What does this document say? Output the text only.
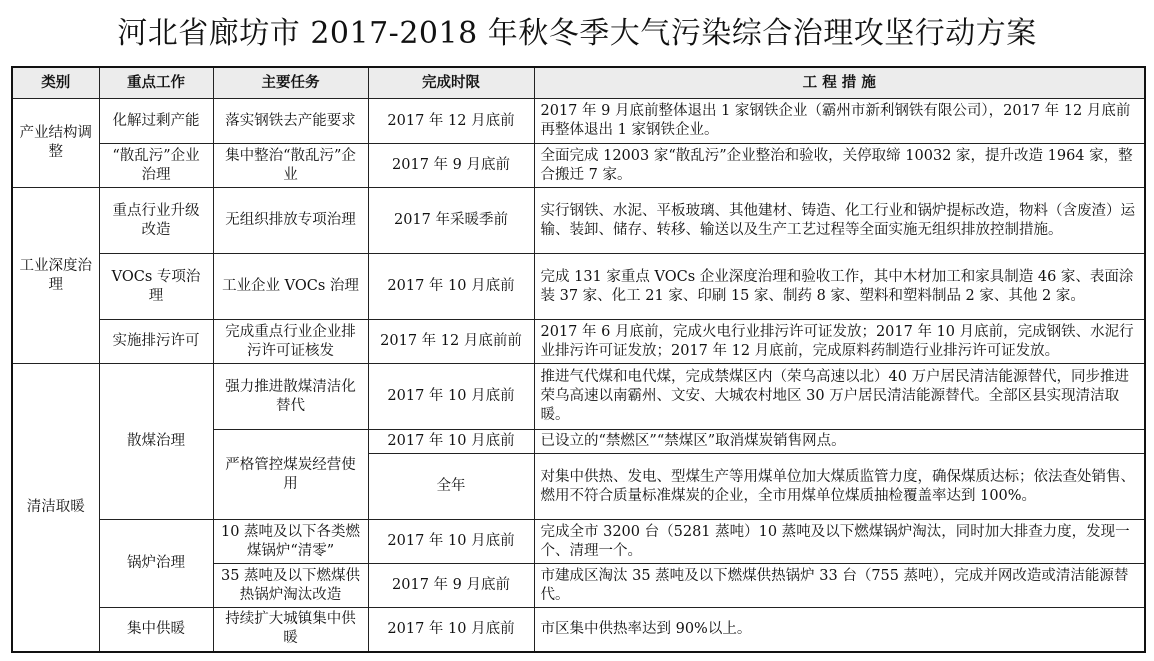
河北省廊坊市 2017-2018 年秋冬季大气污染综合治理攻坚行动方案
类别	重点工作	主要任务	完成时限	工 程 措 施
产业结构调整	化解过剩产能	落实钢铁去产能要求	2017 年 12 月底前	2017 年 9 月底前整体退出 1 家钢铁企业（霸州市新利钢铁有限公司），2017 年 12 月底前再整体退出 1 家钢铁企业。
	“散乱污”企业治理	集中整治“散乱污”企业	2017 年 9 月底前	全面完成 12003 家“散乱污”企业整治和验收，关停取缔 10032 家，提升改造 1964 家，整合搬迁 7 家。
工业深度治理	重点行业升级改造	无组织排放专项治理	2017 年采暖季前	实行钢铁、水泥、平板玻璃、其他建材、铸造、化工行业和锅炉提标改造，物料（含废渣）运输、装卸、储存、转移、输送以及生产工艺过程等全面实施无组织排放控制措施。
	VOCs 专项治理	工业企业 VOCs 治理	2017 年 10 月底前	完成 131 家重点 VOCs 企业深度治理和验收工作，其中木材加工和家具制造 46 家、表面涂装 37 家、化工 21 家、印刷 15 家、制药 8 家、塑料和塑料制品 2 家、其他 2 家。
	实施排污许可	完成重点行业企业排污许可证核发	2017 年 12 月底前前	2017 年 6 月底前，完成火电行业排污许可证发放；2017 年 10 月底前，完成钢铁、水泥行业排污许可证发放；2017 年 12 月底前，完成原料药制造行业排污许可证发放。
清洁取暖	散煤治理	强力推进散煤清洁化替代	2017 年 10 月底前	推进气代煤和电代煤，完成禁煤区内（荣乌高速以北）40 万户居民清洁能源替代，同步推进荣乌高速以南霸州、文安、大城农村地区 30 万户居民清洁能源替代。全部区县实现清洁取暖。
		严格管控煤炭经营使用	2017 年 10 月底前	已设立的“禁燃区”“禁煤区”取消煤炭销售网点。
			全年	对集中供热、发电、型煤生产等用煤单位加大煤质监管力度，确保煤质达标；依法查处销售、燃用不符合质量标准煤炭的企业，全市用煤单位煤质抽检覆盖率达到 100%。
	锅炉治理	10 蒸吨及以下各类燃煤锅炉“清零”	2017 年 10 月底前	完成全市 3200 台（5281 蒸吨）10 蒸吨及以下燃煤锅炉淘汰，同时加大排查力度，发现一个、清理一个。
		35 蒸吨及以下燃煤供热锅炉淘汰改造	2017 年 9 月底前	市建成区淘汰 35 蒸吨及以下燃煤供热锅炉 33 台（755 蒸吨），完成并网改造或清洁能源替代。
	集中供暖	持续扩大城镇集中供暖	2017 年 10 月底前	市区集中供热率达到 90%以上。
